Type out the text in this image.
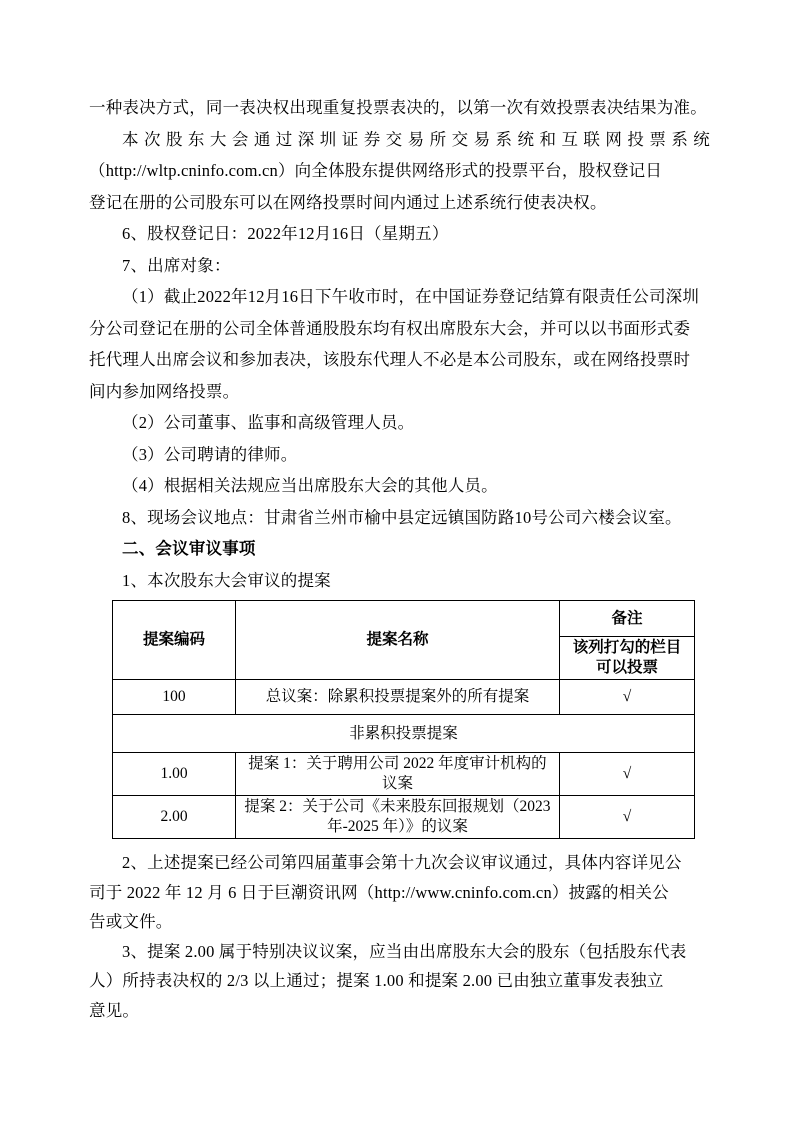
一种表决方式，同一表决权出现重复投票表决的，以第一次有效投票表决结果为准。
本次股东大会通过深圳证券交易所交易系统和互联网投票系统
（http://wltp.cninfo.com.cn）向全体股东提供网络形式的投票平台，股权登记日
登记在册的公司股东可以在网络投票时间内通过上述系统行使表决权。
6、股权登记日：2022年12月16日（星期五）
7、出席对象：
（1）截止2022年12月16日下午收市时，在中国证券登记结算有限责任公司深圳
分公司登记在册的公司全体普通股股东均有权出席股东大会，并可以以书面形式委
托代理人出席会议和参加表决，该股东代理人不必是本公司股东，或在网络投票时
间内参加网络投票。
（2）公司董事、监事和高级管理人员。
（3）公司聘请的律师。
（4）根据相关法规应当出席股东大会的其他人员。
8、现场会议地点：甘肃省兰州市榆中县定远镇国防路10号公司六楼会议室。
二、会议审议事项
1、本次股东大会审议的提案
提案编码	提案名称	备注
		该列打勾的栏目可以投票
100	总议案：除累积投票提案外的所有提案	√
非累积投票提案		
1.00	提案 1：关于聘用公司 2022 年度审计机构的议案	√
2.00	提案 2：关于公司《未来股东回报规划（2023 年-2025 年）》的议案	√
2、上述提案已经公司第四届董事会第十九次会议审议通过，具体内容详见公
司于 2022 年 12 月 6 日于巨潮资讯网（http://www.cninfo.com.cn）披露的相关公
告或文件。
3、提案 2.00 属于特别决议议案，应当由出席股东大会的股东（包括股东代表
人）所持表决权的 2/3 以上通过；提案 1.00 和提案 2.00 已由独立董事发表独立
意见。
